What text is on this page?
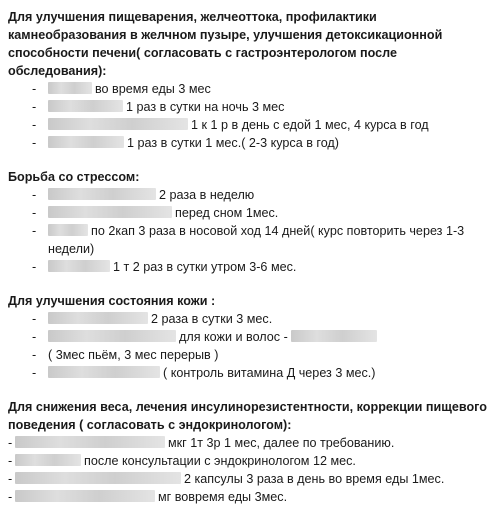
Для улучшения пищеварения, желчеоттока, профилактики камнеобразования в желчном пузыре, улучшения детоксикационной способности печени( согласовать с гастроэнтерологом после обследования):
-	во время еды 3 мес
-	1 раз в сутки на ночь 3 мес
-	1 к 1 р в день с едой 1 мес, 4 курса в год
-	1 раз в сутки 1 мес.( 2-3 курса в год)
Борьба со стрессом:
-	2 раза в неделю
-	перед сном 1мес.
-	по 2кап 3 раза в носовой ход 14 дней( курс повторить через 1-3 недели)
-	1 т 2 раз в сутки утром 3-6 мес.
Для улучшения состояния кожи :
-	2 раза в сутки 3 мес.
-	для кожи и волос -
- ( 3мес пьём, 3 мес перерыв )
-	( контроль витамина Д через 3 мес.)
Для снижения веса, лечения инсулинорезистентности, коррекции пищевого поведения ( согласовать с эндокринологом):
-	мкг 1т 3р 1 мес, далее по требованию.
-	после консультации с эндокринологом 12 мес.
-	2 капсулы 3 раза в день во время еды 1мес.
-	мг вовремя еды 3мес.
